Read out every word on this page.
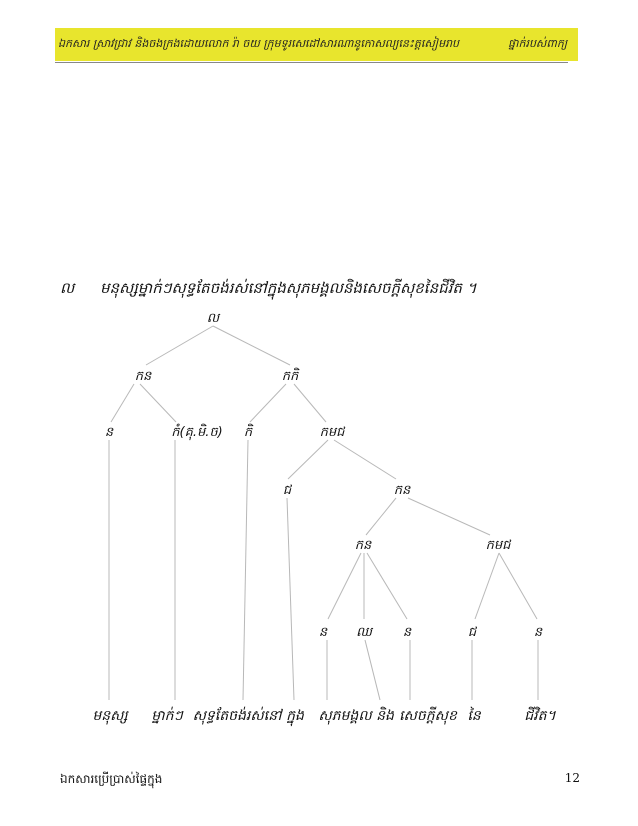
ឯកសារ ស្រាវជ្រាវ និងចងក្រងដោយលោក រ៉ា ចយ ក្រុមទូរសេដៅសារណានូកោសល្យនេះត្តសៀមរាប	ផ្នាក់របស់ពាក្យ
ល មនុស្សម្នាក់ៗសុទ្ធតែចង់រស់នៅក្នុងសុភមង្គលនិងសេចក្ដីសុខនៃជីវិត ។
ល
កន	កកិ
ន	កំ(គុ.មិ.ច) កិ	កមជ
ជ	កន
កន	កមជ
ន ឈ ន	ជ	ន
មនុស្ស ម្នាក់ៗ សុទ្ធតែចង់រស់នៅ ក្នុង សុភមង្គល និង សេចក្ដីសុខ នៃ	ជីវិត។
ឯកសារប្រើប្រាស់ផ្ទៃក្នុង	12
